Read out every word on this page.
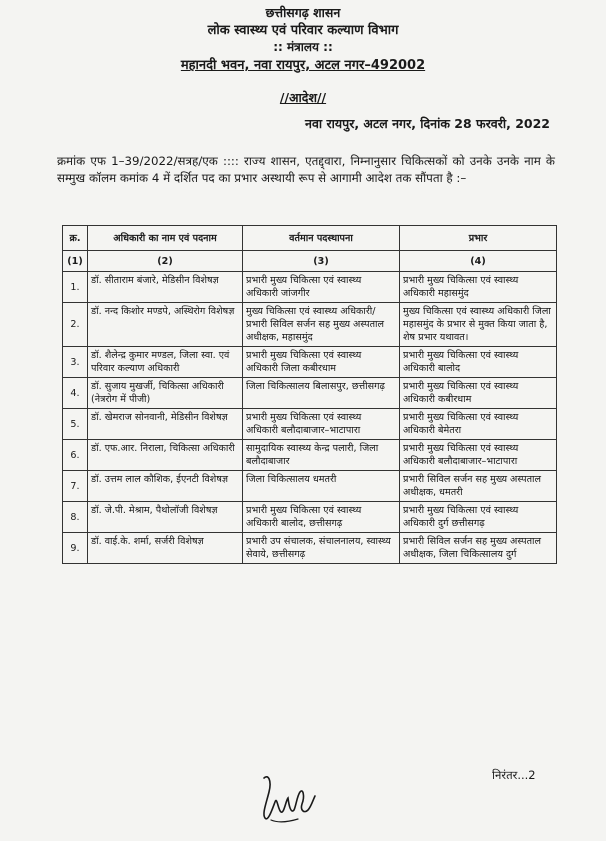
छत्तीसगढ़ शासन
लोक स्वास्थ्य एवं परिवार कल्याण विभाग
:: मंत्रालय ::
महानदी भवन, नवा रायपुर, अटल नगर–492002
//आदेश//
नवा रायपुर, अटल नगर, दिनांक 28 फरवरी, 2022
क्रमांक एफ 1–39/2022/सत्रह/एक :::: राज्य शासन, एतद्द्वारा, निम्नानुसार चिकित्सकों को उनके उनके नाम के सम्मुख कॉलम कमांक 4 में दर्शित पद का प्रभार अस्थायी रूप से आगामी आदेश तक सौंपता है :–
क्र.	अधिकारी का नाम एवं पदनाम	वर्तमान पदस्थापना	प्रभार
(1)	(2)	(3)	(4)
1.	डॉ. सीताराम बंजारे, मेडिसीन विशेषज्ञ	प्रभारी मुख्य चिकित्सा एवं स्वास्थ्य अधिकारी जांजगीर	प्रभारी मुख्य चिकित्सा एवं स्वास्थ्य अधिकारी महासमुंद
2.	डॉ. नन्द किशोर मण्डपे, अस्थिरोग विशेषज्ञ	मुख्य चिकित्सा एवं स्वास्थ्य अधिकारी/प्रभारी सिविल सर्जन सह मुख्य अस्पताल अधीक्षक, महासमुंद	मुख्य चिकित्सा एवं स्वास्थ्य अधिकारी जिला महासमुंद के प्रभार से मुक्त किया जाता है, शेष प्रभार यथावत।
3.	डॉ. शैलेन्द्र कुमार मण्डल, जिला स्वा. एवं परिवार कल्याण अधिकारी	प्रभारी मुख्य चिकित्सा एवं स्वास्थ्य अधिकारी जिला कबीरधाम	प्रभारी मुख्य चिकित्सा एवं स्वास्थ्य अधिकारी बालोद
4.	डॉ. सुजाय मुखर्जी, चिकित्सा अधिकारी (नेत्ररोग में पीजी)	जिला चिकित्सालय बिलासपुर, छत्तीसगढ़	प्रभारी मुख्य चिकित्सा एवं स्वास्थ्य अधिकारी कबीरधाम
5.	डॉ. खेमराज सोनवानी, मेडिसीन विशेषज्ञ	प्रभारी मुख्य चिकित्सा एवं स्वास्थ्य अधिकारी बलौदाबाजार–भाटापारा	प्रभारी मुख्य चिकित्सा एवं स्वास्थ्य अधिकारी बेमेतरा
6.	डॉ. एफ.आर. निराला, चिकित्सा अधिकारी	सामुदायिक स्वास्थ्य केन्द्र पलारी, जिला बलौदाबाजार	प्रभारी मुख्य चिकित्सा एवं स्वास्थ्य अधिकारी बलौदाबाजार–भाटापारा
7.	डॉ. उत्तम लाल कौशिक, ईएनटी विशेषज्ञ	जिला चिकित्सालय धमतरी	प्रभारी सिविल सर्जन सह मुख्य अस्पताल अधीक्षक, धमतरी
8.	डॉ. जे.पी. मेश्राम, पैथोलॉजी विशेषज्ञ	प्रभारी मुख्य चिकित्सा एवं स्वास्थ्य अधिकारी बालोद, छत्तीसगढ़	प्रभारी मुख्य चिकित्सा एवं स्वास्थ्य अधिकारी दुर्ग छत्तीसगढ़
9.	डॉ. वाई.के. शर्मा, सर्जरी विशेषज्ञ	प्रभारी उप संचालक, संचालनालय, स्वास्थ्य सेवाये, छत्तीसगढ़	प्रभारी सिविल सर्जन सह मुख्य अस्पताल अधीक्षक, जिला चिकित्सालय दुर्ग
निरंतर...2
